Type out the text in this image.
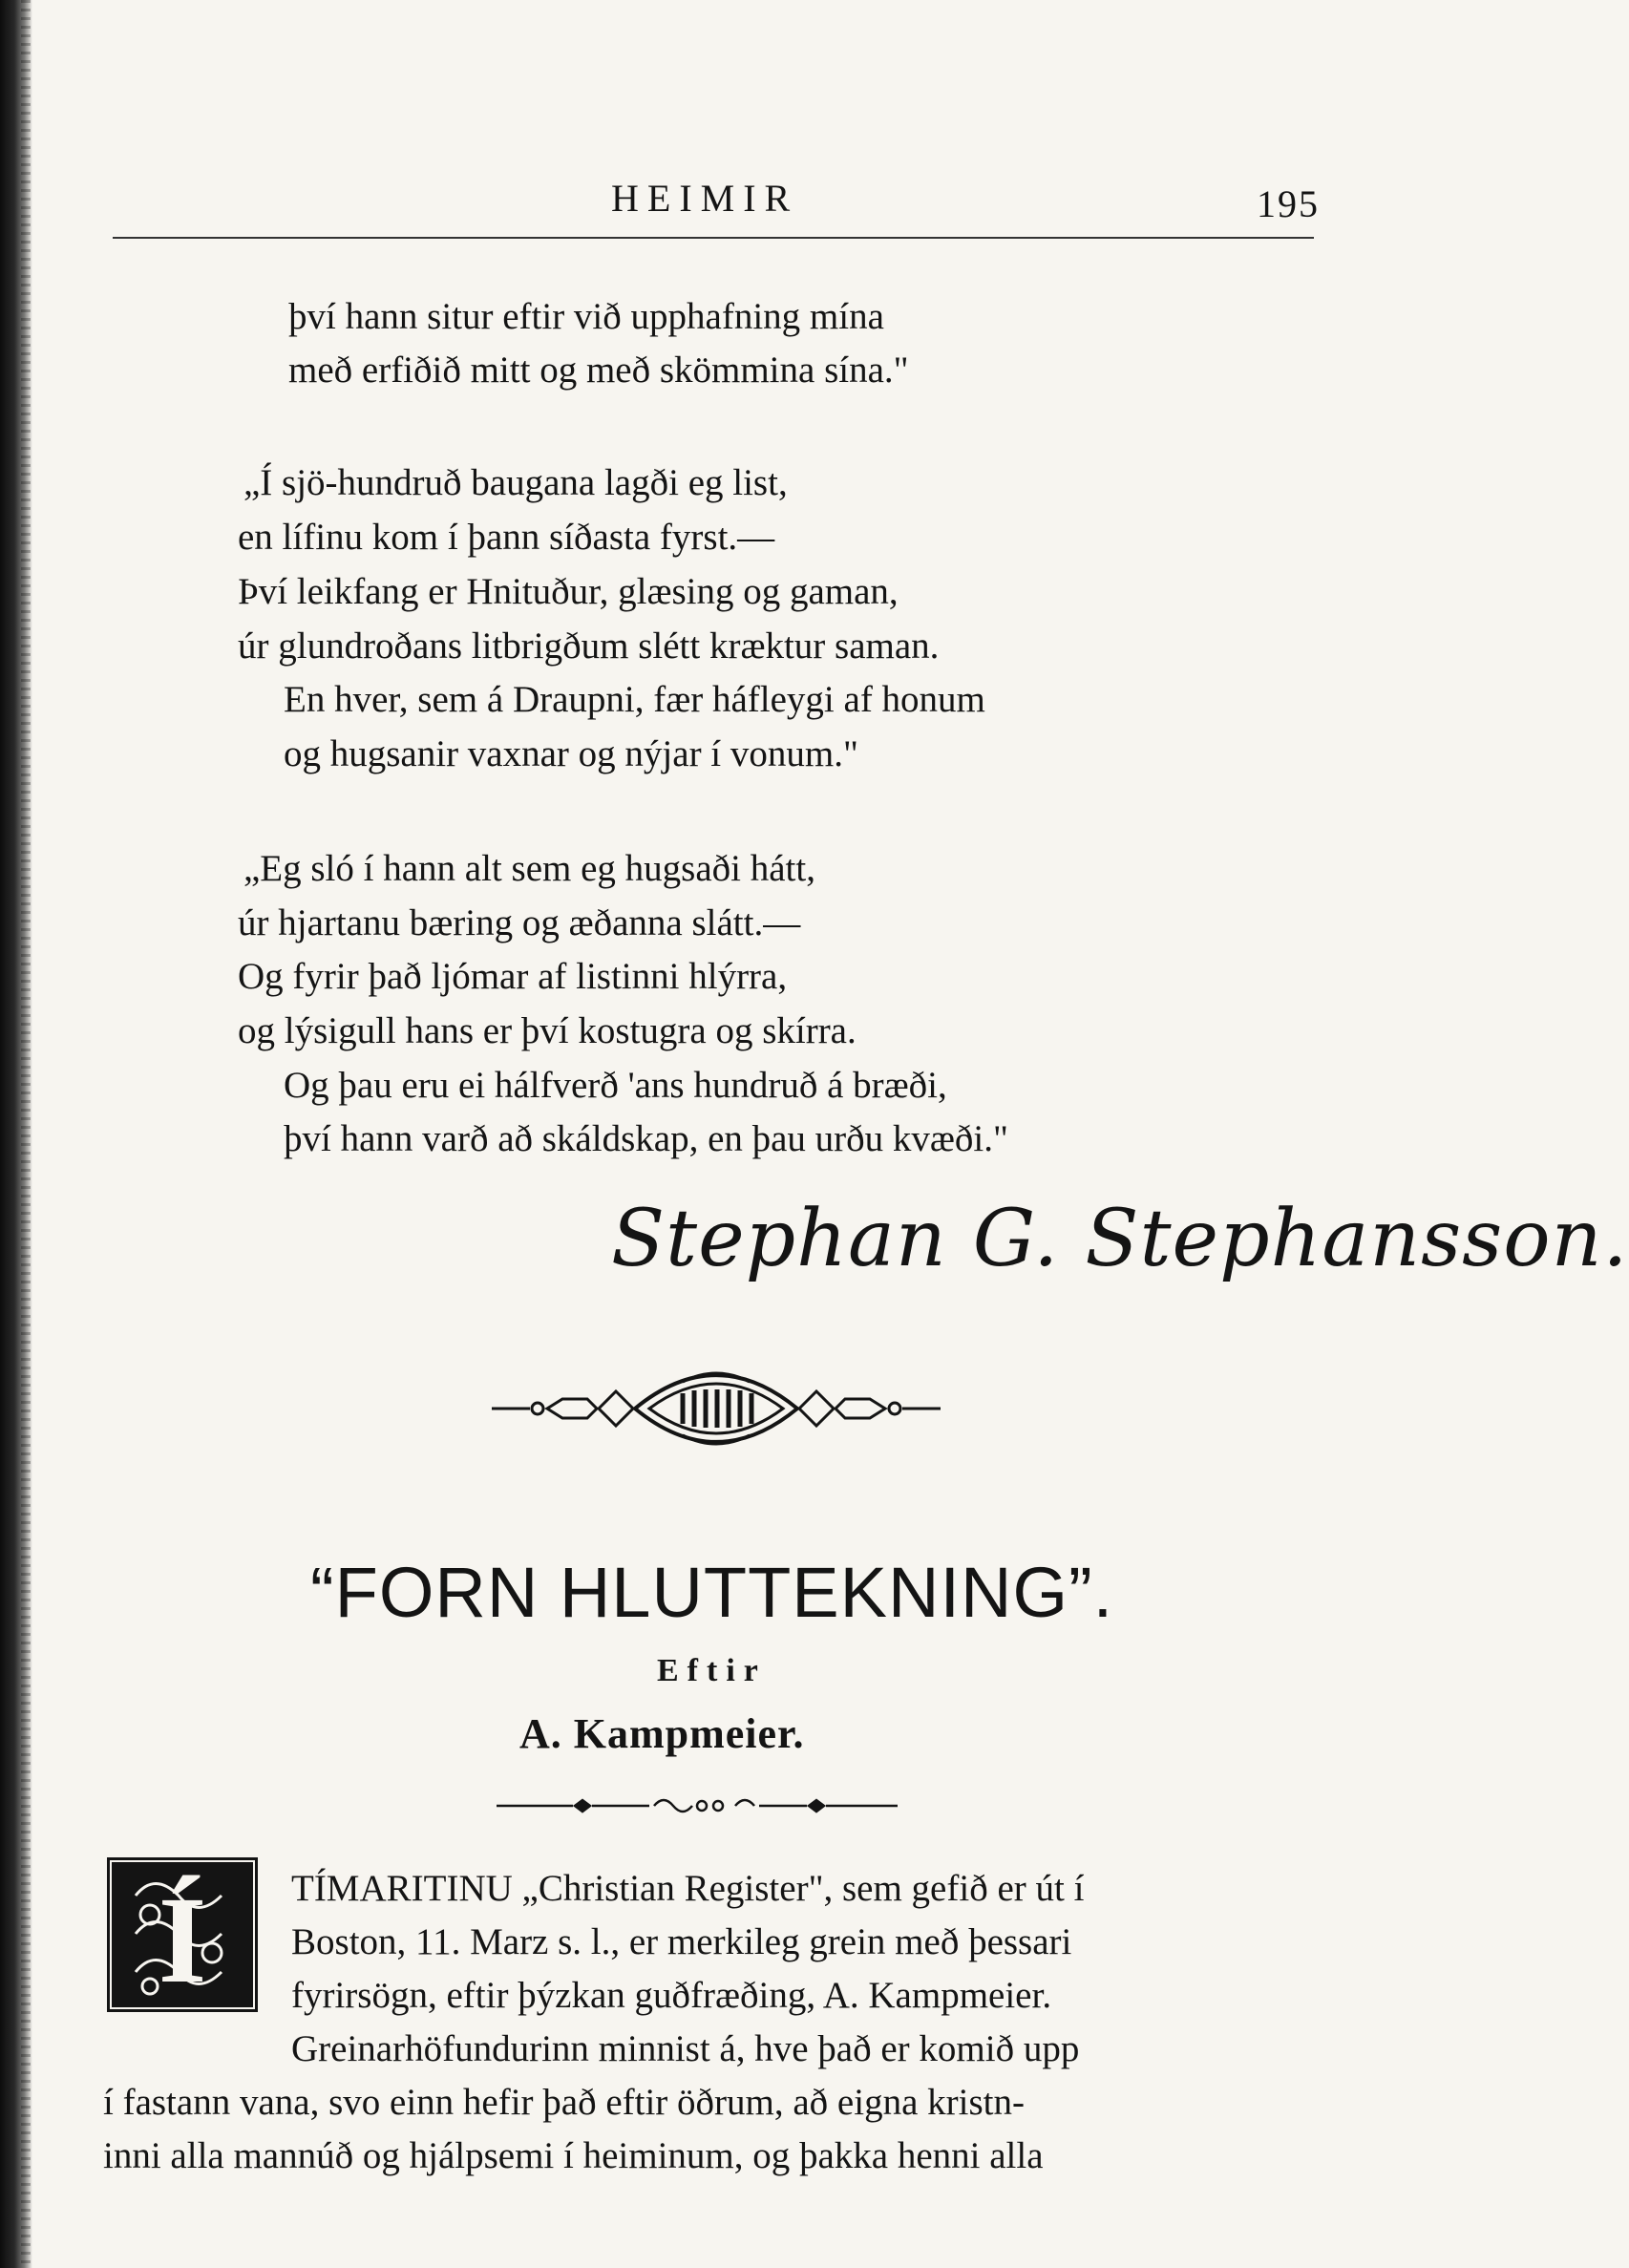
HEIMIR	195
því hann situr eftir við upphafning mína
með erfiðið mitt og með skömmina sína."
„Í sjö-hundruð baugana lagði eg list,
en lífinu kom í þann síðasta fyrst.—
Því leikfang er Hnituður, glæsing og gaman,
úr glundroðans litbrigðum slétt kræktur saman.
En hver, sem á Draupni, fær háfleygi af honum
og hugsanir vaxnar og nýjar í vonum."
„Eg sló í hann alt sem eg hugsaði hátt,
úr hjartanu bæring og æðanna slátt.—
Og fyrir það ljómar af listinni hlýrra,
og lýsigull hans er því kostugra og skírra.
Og þau eru ei hálfverð 'ans hundruð á bræði,
því hann varð að skáldskap, en þau urðu kvæði."
Stephan G. Stephansson.
“FORN HLUTTEKNING”.
Eftir
A. Kampmeier.
Í TÍMARITINU „Christian Register", sem gefið er út í
Boston, 11. Marz s. l., er merkileg grein með þessari
fyrirsögn, eftir þýzkan guðfræðing, A. Kampmeier.
Greinarhöfundurinn minnist á, hve það er komið upp
í fastann vana, svo einn hefir það eftir öðrum, að eigna kristn-
inni alla mannúð og hjálpsemi í heiminum, og þakka henni alla
